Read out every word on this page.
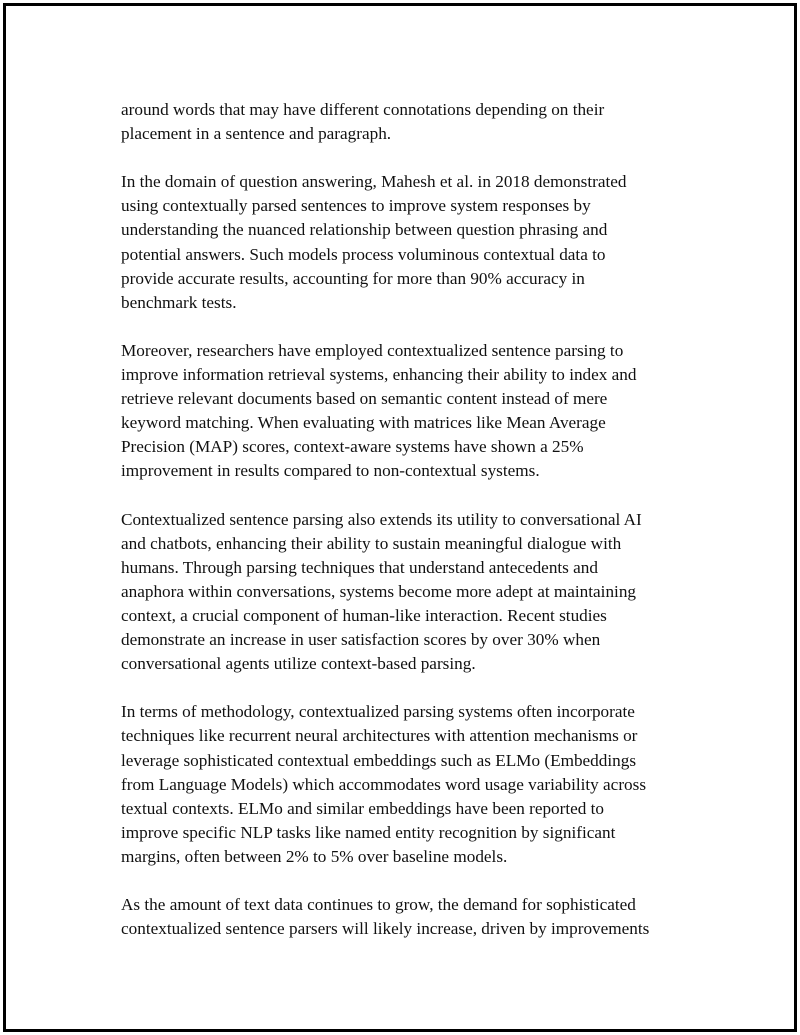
around words that may have different connotations depending on their
placement in a sentence and paragraph.

In the domain of question answering, Mahesh et al. in 2018 demonstrated
using contextually parsed sentences to improve system responses by
understanding the nuanced relationship between question phrasing and
potential answers. Such models process voluminous contextual data to
provide accurate results, accounting for more than 90% accuracy in
benchmark tests.

Moreover, researchers have employed contextualized sentence parsing to
improve information retrieval systems, enhancing their ability to index and
retrieve relevant documents based on semantic content instead of mere
keyword matching. When evaluating with matrices like Mean Average
Precision (MAP) scores, context-aware systems have shown a 25%
improvement in results compared to non-contextual systems.

Contextualized sentence parsing also extends its utility to conversational AI
and chatbots, enhancing their ability to sustain meaningful dialogue with
humans. Through parsing techniques that understand antecedents and
anaphora within conversations, systems become more adept at maintaining
context, a crucial component of human-like interaction. Recent studies
demonstrate an increase in user satisfaction scores by over 30% when
conversational agents utilize context-based parsing.

In terms of methodology, contextualized parsing systems often incorporate
techniques like recurrent neural architectures with attention mechanisms or
leverage sophisticated contextual embeddings such as ELMo (Embeddings
from Language Models) which accommodates word usage variability across
textual contexts. ELMo and similar embeddings have been reported to
improve specific NLP tasks like named entity recognition by significant
margins, often between 2% to 5% over baseline models.

As the amount of text data continues to grow, the demand for sophisticated
contextualized sentence parsers will likely increase, driven by improvements
